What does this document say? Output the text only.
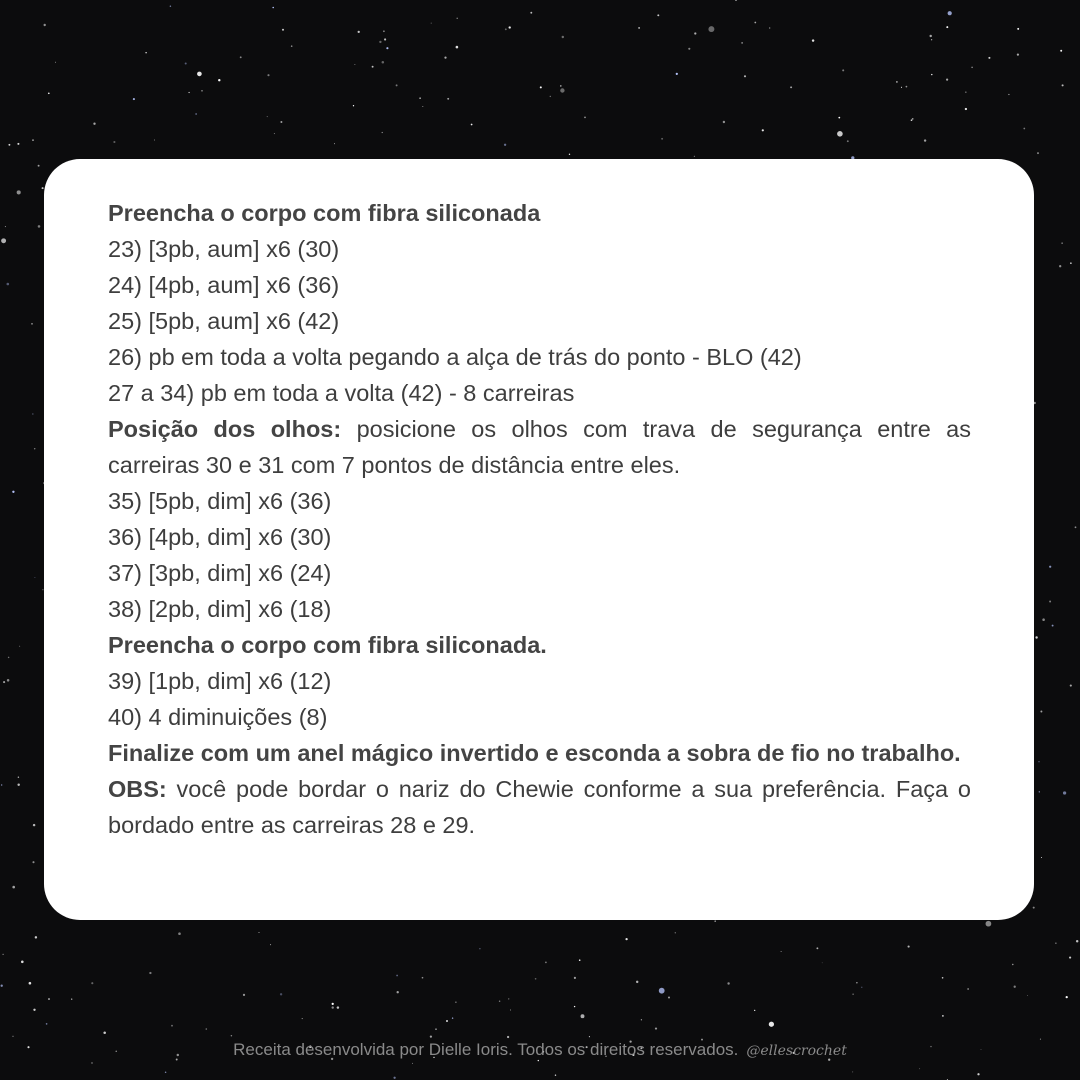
Preencha o corpo com fibra siliconada

23) [3pb, aum] x6 (30)

24) [4pb, aum] x6 (36)

25) [5pb, aum] x6 (42)

26) pb em toda a volta pegando a alça de trás do ponto - BLO (42)

27 a 34) pb em toda a volta (42) - 8 carreiras

Posição dos olhos: posicione os olhos com trava de segurança entre as carreiras 30 e 31 com 7 pontos de distância entre eles.

35) [5pb, dim] x6 (36)

36) [4pb, dim] x6 (30)

37) [3pb, dim] x6 (24)

38) [2pb, dim] x6 (18)

Preencha o corpo com fibra siliconada.

39) [1pb, dim] x6 (12)

40) 4 diminuições (8)

Finalize com um anel mágico invertido e esconda a sobra de fio no trabalho.

OBS: você pode bordar o nariz do Chewie conforme a sua preferência. Faça o bordado entre as carreiras 28 e 29.

Receita desenvolvida por Dielle Ioris. Todos os direitos reservados. @ellescrochet
